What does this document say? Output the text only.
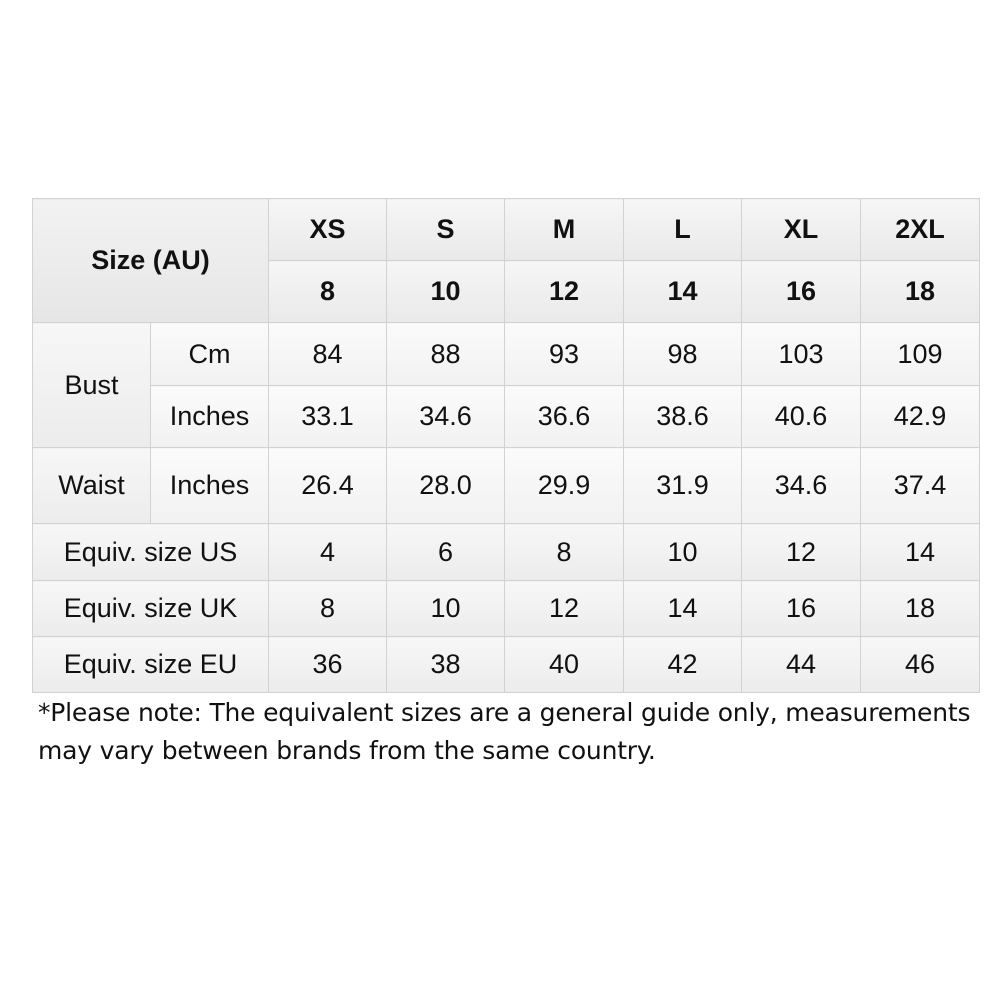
Size (AU)		XS	S	M	L	XL	2XL
		8	10	12	14	16	18
Bust	Cm	84	88	93	98	103	109
	Inches	33.1	34.6	36.6	38.6	40.6	42.9
Waist	Inches	26.4	28.0	29.9	31.9	34.6	37.4
Equiv. size US		4	6	8	10	12	14
Equiv. size UK		8	10	12	14	16	18
Equiv. size EU		36	38	40	42	44	46
*Please note: The equivalent sizes are a general guide only, measurements may vary between brands from the same country.
